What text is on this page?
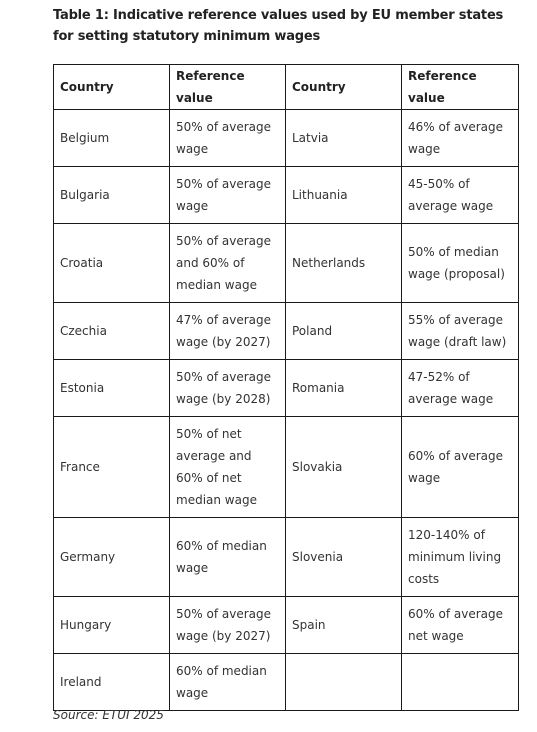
Table 1: Indicative reference values used by EU member states for setting statutory minimum wages

Country	Reference value	Country	Reference value
Belgium	50% of average wage	Latvia	46% of average wage
Bulgaria	50% of average wage	Lithuania	45-50% of average wage
Croatia	50% of average and 60% of median wage	Netherlands	50% of median wage (proposal)
Czechia	47% of average wage (by 2027)	Poland	55% of average wage (draft law)
Estonia	50% of average wage (by 2028)	Romania	47-52% of average wage
France	50% of net average and 60% of net median wage	Slovakia	60% of average wage
Germany	60% of median wage	Slovenia	120-140% of minimum living costs
Hungary	50% of average wage (by 2027)	Spain	60% of average net wage
Ireland	60% of median wage		

Source: ETUI 2025
